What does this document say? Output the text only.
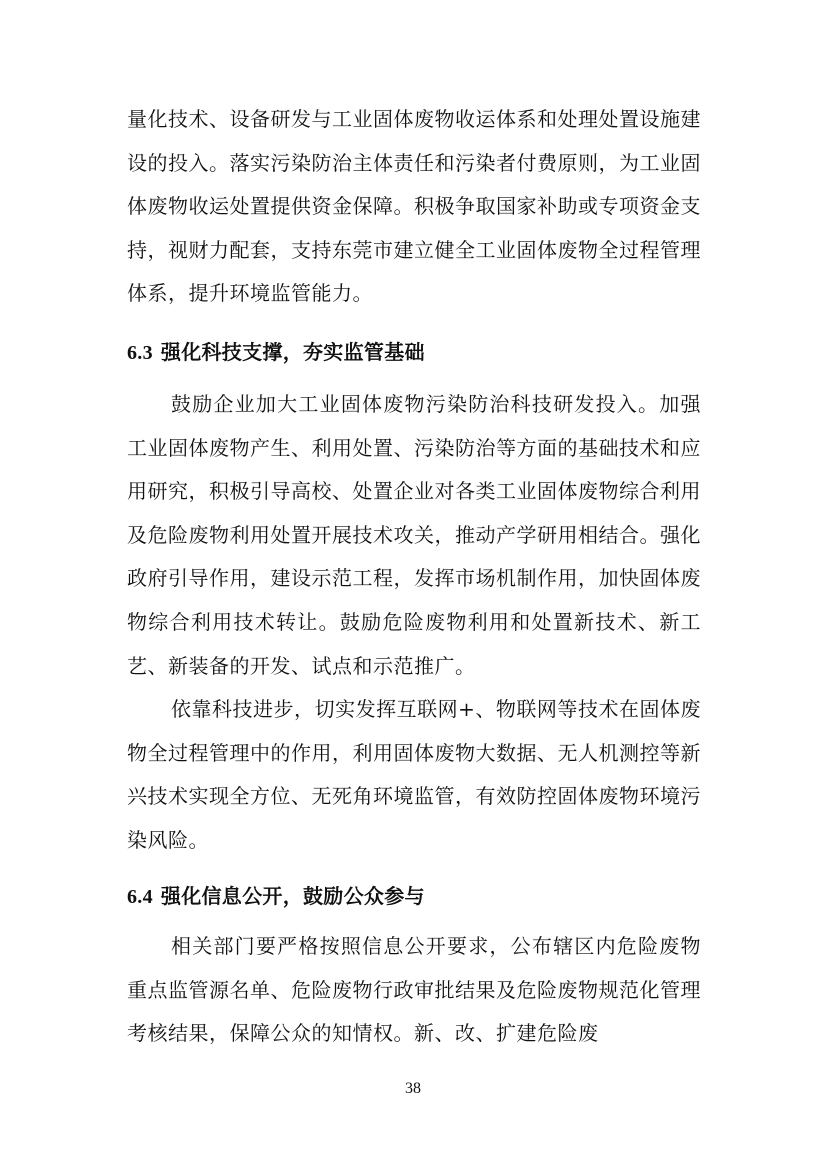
量化技术、设备研发与工业固体废物收运体系和处理处置设施建设的投入。落实污染防治主体责任和污染者付费原则，为工业固体废物收运处置提供资金保障。积极争取国家补助或专项资金支持，视财力配套，支持东莞市建立健全工业固体废物全过程管理体系，提升环境监管能力。

6.3 强化科技支撑，夯实监管基础

鼓励企业加大工业固体废物污染防治科技研发投入。加强工业固体废物产生、利用处置、污染防治等方面的基础技术和应用研究，积极引导高校、处置企业对各类工业固体废物综合利用及危险废物利用处置开展技术攻关，推动产学研用相结合。强化政府引导作用，建设示范工程，发挥市场机制作用，加快固体废物综合利用技术转让。鼓励危险废物利用和处置新技术、新工艺、新装备的开发、试点和示范推广。

依靠科技进步，切实发挥互联网+、物联网等技术在固体废物全过程管理中的作用，利用固体废物大数据、无人机测控等新兴技术实现全方位、无死角环境监管，有效防控固体废物环境污染风险。

6.4 强化信息公开，鼓励公众参与

相关部门要严格按照信息公开要求，公布辖区内危险废物重点监管源名单、危险废物行政审批结果及危险废物规范化管理考核结果，保障公众的知情权。新、改、扩建危险废

38
